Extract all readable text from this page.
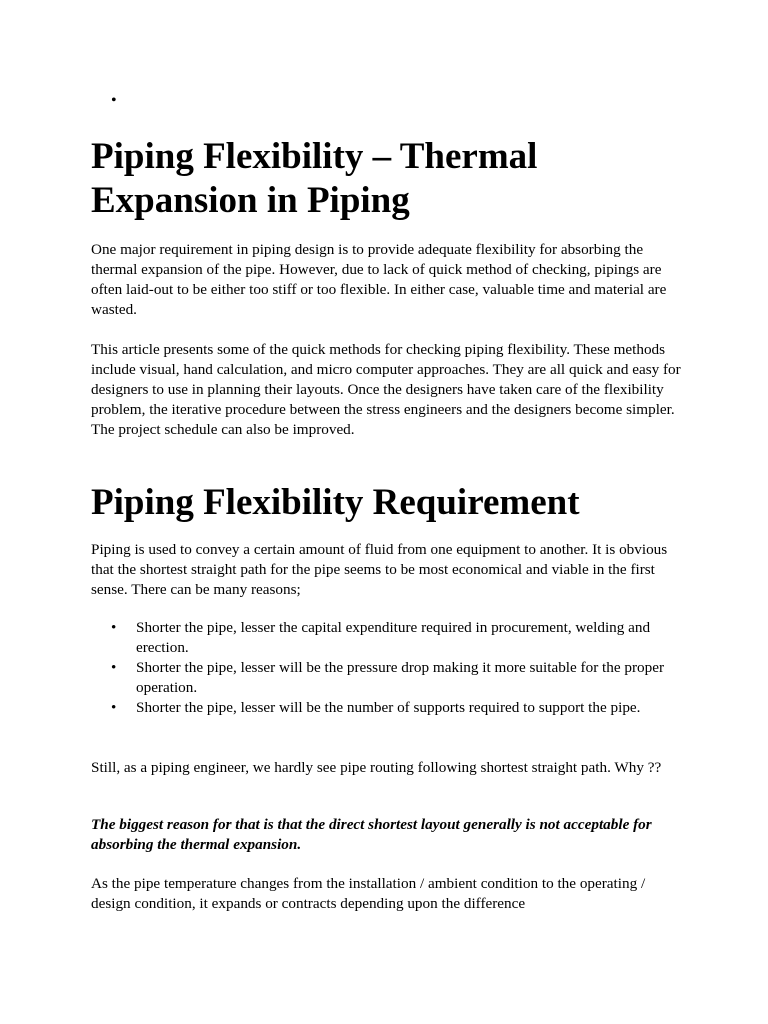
•
Piping Flexibility – Thermal Expansion in Piping

One major requirement in piping design is to provide adequate flexibility for absorbing the thermal expansion of the pipe. However, due to lack of quick method of checking, pipings are often laid-out to be either too stiff or too flexible. In either case, valuable time and material are wasted.

This article presents some of the quick methods for checking piping flexibility. These methods include visual, hand calculation, and micro computer approaches. They are all quick and easy for designers to use in planning their layouts. Once the designers have taken care of the flexibility problem, the iterative procedure between the stress engineers and the designers become simpler. The project schedule can also be improved.

Piping Flexibility Requirement

Piping is used to convey a certain amount of fluid from one equipment to another. It is obvious that the shortest straight path for the pipe seems to be most economical and viable in the first sense. There can be many reasons;

• Shorter the pipe, lesser the capital expenditure required in procurement, welding and erection.
• Shorter the pipe, lesser will be the pressure drop making it more suitable for the proper operation.
• Shorter the pipe, lesser will be the number of supports required to support the pipe.

Still, as a piping engineer, we hardly see pipe routing following shortest straight path. Why ??

The biggest reason for that is that the direct shortest layout generally is not acceptable for absorbing the thermal expansion.

As the pipe temperature changes from the installation / ambient condition to the operating / design condition, it expands or contracts depending upon the difference
